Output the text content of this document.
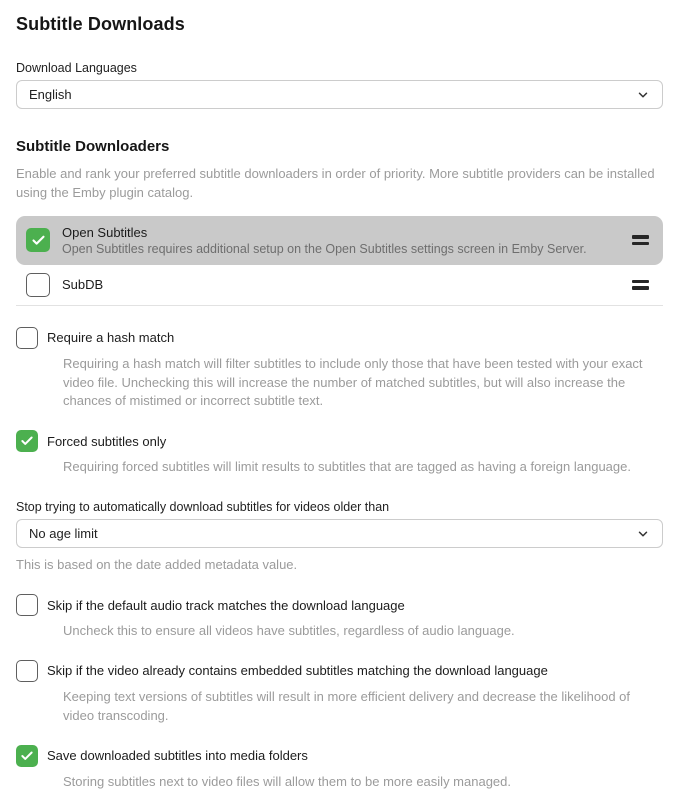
Subtitle Downloads
Download Languages
English
Subtitle Downloaders

Enable and rank your preferred subtitle downloaders in order of priority. More subtitle providers can be installed using the Emby plugin catalog.

Open Subtitles
Open Subtitles requires additional setup on the Open Subtitles settings screen in Emby Server.
SubDB
Require a hash match

Requiring a hash match will filter subtitles to include only those that have been tested with your exact video file. Unchecking this will increase the number of matched subtitles, but will also increase the chances of mistimed or incorrect subtitle text.

Forced subtitles only

Requiring forced subtitles will limit results to subtitles that are tagged as having a foreign language.

Stop trying to automatically download subtitles for videos older than
No age limit

This is based on the date added metadata value.

Skip if the default audio track matches the download language

Uncheck this to ensure all videos have subtitles, regardless of audio language.

Skip if the video already contains embedded subtitles matching the download language

Keeping text versions of subtitles will result in more efficient delivery and decrease the likelihood of video transcoding.

Save downloaded subtitles into media folders

Storing subtitles next to video files will allow them to be more easily managed.
